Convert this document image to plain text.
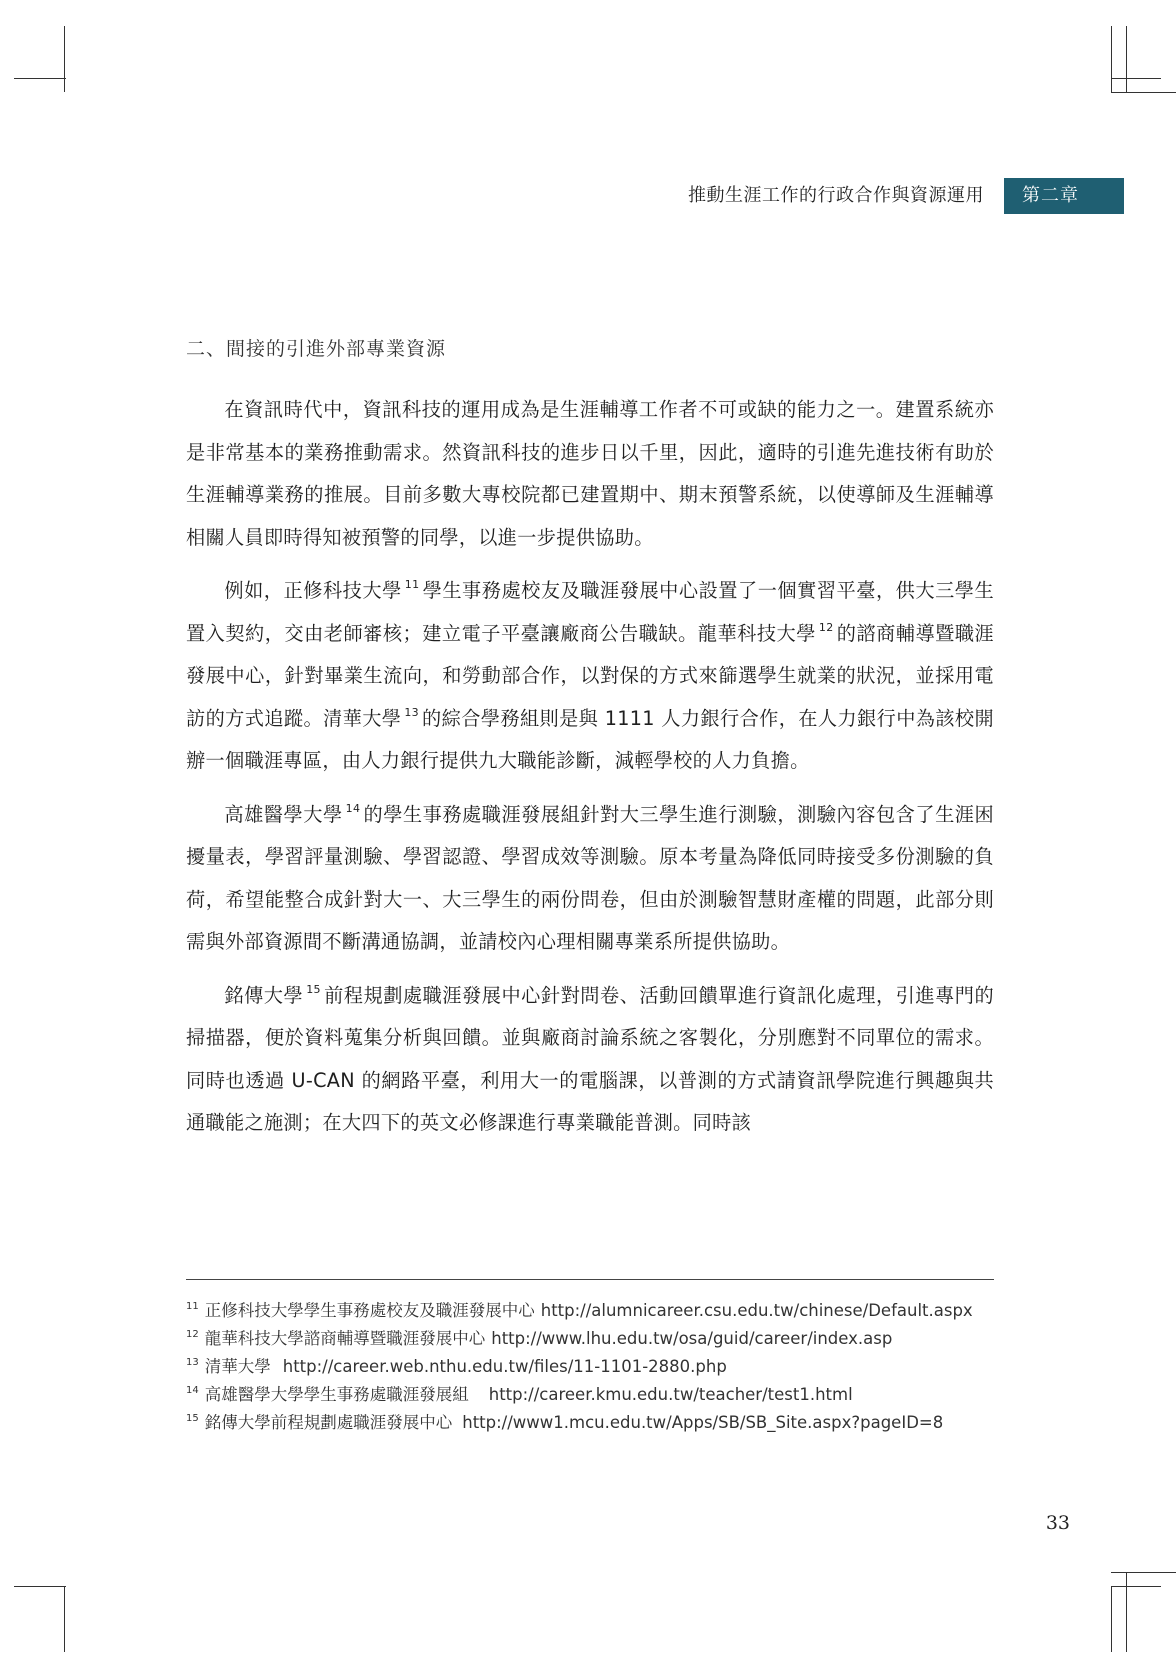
推動生涯工作的行政合作與資源運用	第二章
二、間接的引進外部專業資源

在資訊時代中，資訊科技的運用成為是生涯輔導工作者不可或缺的能力之一。建置系統亦是非常基本的業務推動需求。然資訊科技的進步日以千里，因此，適時的引進先進技術有助於生涯輔導業務的推展。目前多數大專校院都已建置期中、期末預警系統，以使導師及生涯輔導相關人員即時得知被預警的同學，以進一步提供協助。

例如，正修科技大學 $^{11}$ 學生事務處校友及職涯發展中心設置了一個實習平臺，供大三學生置入契約，交由老師審核；建立電子平臺讓廠商公告職缺。龍華科技大學 $^{12}$ 的諮商輔導暨職涯發展中心，針對畢業生流向，和勞動部合作，以對保的方式來篩選學生就業的狀況，並採用電訪的方式追蹤。清華大學 $^{13}$ 的綜合學務組則是與 1111 人力銀行合作，在人力銀行中為該校開辦一個職涯專區，由人力銀行提供九大職能診斷，減輕學校的人力負擔。

高雄醫學大學 $^{14}$ 的學生事務處職涯發展組針對大三學生進行測驗，測驗內容包含了生涯困擾量表，學習評量測驗、學習認證、學習成效等測驗。原本考量為降低同時接受多份測驗的負荷，希望能整合成針對大一、大三學生的兩份問卷，但由於測驗智慧財產權的問題，此部分則需與外部資源間不斷溝通協調，並請校內心理相關專業系所提供協助。

銘傳大學 $^{15}$ 前程規劃處職涯發展中心針對問卷、活動回饋單進行資訊化處理，引進專門的掃描器，便於資料蒐集分析與回饋。並與廠商討論系統之客製化，分別應對不同單位的需求。同時也透過 U-CAN 的網路平臺，利用大一的電腦課，以普測的方式請資訊學院進行興趣與共通職能之施測；在大四下的英文必修課進行專業職能普測。同時該

$^{11}$ 正修科技大學學生事務處校友及職涯發展中心 http://alumnicareer.csu.edu.tw/chinese/Default.aspx
$^{12}$ 龍華科技大學諮商輔導暨職涯發展中心 http://www.lhu.edu.tw/osa/guid/career/index.asp
$^{13}$ 清華大學 http://career.web.nthu.edu.tw/files/11-1101-2880.php
$^{14}$ 高雄醫學大學學生事務處職涯發展組 http://career.kmu.edu.tw/teacher/test1.html
$^{15}$ 銘傳大學前程規劃處職涯發展中心 http://www1.mcu.edu.tw/Apps/SB/SB_Site.aspx?pageID=8
33
